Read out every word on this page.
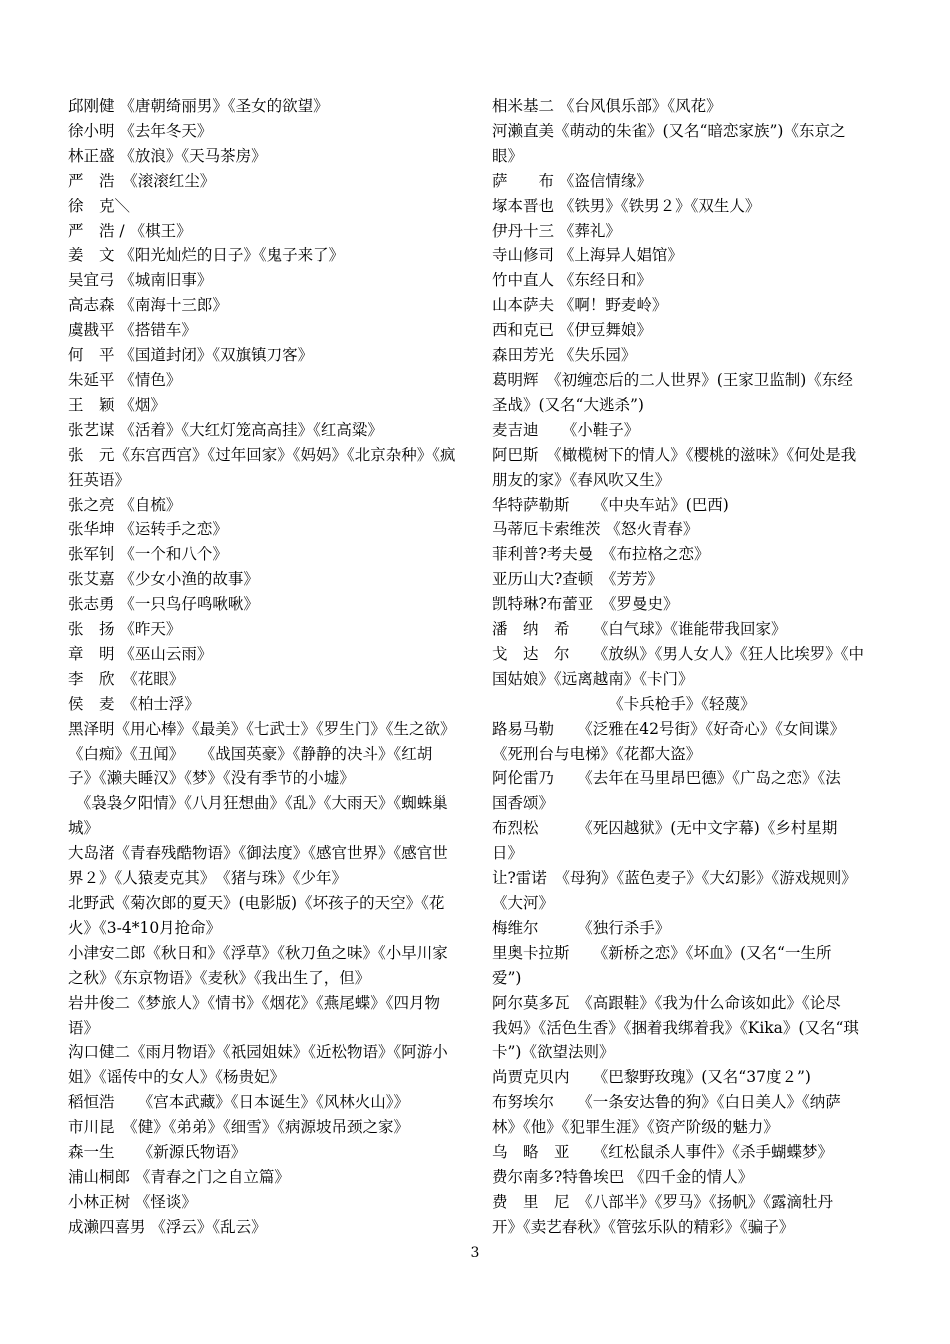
邱刚健 《唐朝绮丽男》《圣女的欲望》
徐小明 《去年冬天》
林正盛 《放浪》《天马茶房》
严　浩　《滚滚红尘》
徐　克＼
严　浩 / 《棋王》
姜　文 《阳光灿烂的日子》《鬼子来了》
吴宜弓 《城南旧事》
高志森 《南海十三郎》
虞戡平 《搭错车》
何　平 《国道封闭》《双旗镇刀客》
朱延平 《情色》
王　颖 《烟》
张艺谋 《活着》《大红灯笼高高挂》《红高粱》
张　元《东宫西宫》《过年回家》《妈妈》《北京杂种》《疯
狂英语》
张之亮 《自梳》
张华坤 《运转手之恋》
张军钊 《一个和八个》
张艾嘉 《少女小渔的故事》
张志勇 《一只鸟仔鸣啾啾》
张　扬 《昨天》
章　明 《巫山云雨》
李　欣　《花眼》
侯　麦　《柏士浮》
黑泽明《用心棒》《最美》《七武士》《罗生门》《生之欲》
《白痴》《丑闻》　　《战国英豪》《静静的决斗》《红胡
子》《濑夫睡汉》《梦》《没有季节的小墟》
　《袅袅夕阳情》《八月狂想曲》《乱》《大雨天》《蜘蛛巢
城》
大岛渚《青春残酷物语》《御法度》《感官世界》《感官世
界２》《人猿麦克其》　《猪与珠》《少年》
北野武《菊次郎的夏天》(电影版)《坏孩子的天空》《花
火》《3-4*10月抢命》
小津安二郎《秋日和》《浮草》《秋刀鱼之味》《小早川家
之秋》《东京物语》《麦秋》《我出生了，但》
岩井俊二《梦旅人》《情书》《烟花》《燕尾蝶》《四月物
语》
沟口健二《雨月物语》《祇园姐妹》《近松物语》《阿游小
姐》《谣传中的女人》《杨贵妃》
稻恒浩　　《宫本武藏》《日本诞生》《风林火山》》
市川昆　《健》《弟弟》《细雪》《病源坡吊颈之家》
森一生　　《新源氏物语》
浦山桐郎 《青春之门之自立篇》
小林正树 《怪谈》
成濑四喜男 《浮云》《乱云》
相米基二 《台风俱乐部》《风花》
河濑直美《萌动的朱雀》(又名“暗恋家族”)《东京之
眼》
萨　　布 《盗信情缘》
塚本晋也 《铁男》《铁男２》《双生人》
伊丹十三 《葬礼》
寺山修司 《上海异人娼馆》
竹中直人 《东经日和》
山本萨夫 《啊！野麦岭》
西和克已 《伊豆舞娘》
森田芳光 《失乐园》
葛明辉　《初缠恋后的二人世界》(王家卫监制)《东经
圣战》(又名“大逃杀”)
麦吉迪　　《小鞋子》
阿巴斯　《橄榄树下的情人》《樱桃的滋味》《何处是我
朋友的家》《春风吹又生》
华特萨勒斯　　《中央车站》(巴西)
马蒂厄卡索维茨 《怒火青春》
菲利普?考夫曼　《布拉格之恋》
亚历山大?查顿　《芳芳》
凯特琳?布蕾亚　《罗曼史》
潘　纳　希　　《白气球》《谁能带我回家》
戈　达　尔　　《放纵》《男人女人》《狂人比埃罗》《中
国姑娘》《远离越南》《卡门》
　　　　　　　　《卡兵枪手》《轻蔑》
路易马勒　　《泛雅在42号街》《好奇心》《女间谍》
《死刑台与电梯》《花都大盗》
阿伦雷乃　　《去年在马里昂巴德》《广岛之恋》《法
国香颂》
布烈松　　　《死囚越狱》(无中文字幕)《乡村星期
日》
让?雷诺　《母狗》《蓝色麦子》《大幻影》《游戏规则》
《大河》
梅维尔　　　《独行杀手》
里奥卡拉斯　　《新桥之恋》《坏血》(又名“一生所
爱”)
阿尔莫多瓦　《高跟鞋》《我为什么命该如此》《论尽
我妈》《活色生香》《捆着我绑着我》《Kika》(又名“琪
卡”)《欲望法则》
尚贾克贝内　　《巴黎野玫瑰》(又名“37度２”)
布努埃尔　　《一条安达鲁的狗》《白日美人》《纳萨
林》《他》《犯罪生涯》《资产阶级的魅力》
乌　略　亚　　《红松鼠杀人事件》《杀手蝴蝶梦》
费尔南多?特鲁埃巴 《四千金的情人》
费　里　尼　《八部半》《罗马》《扬帆》《露滴牡丹
开》《卖艺春秋》《管弦乐队的精彩》《骗子》
3
